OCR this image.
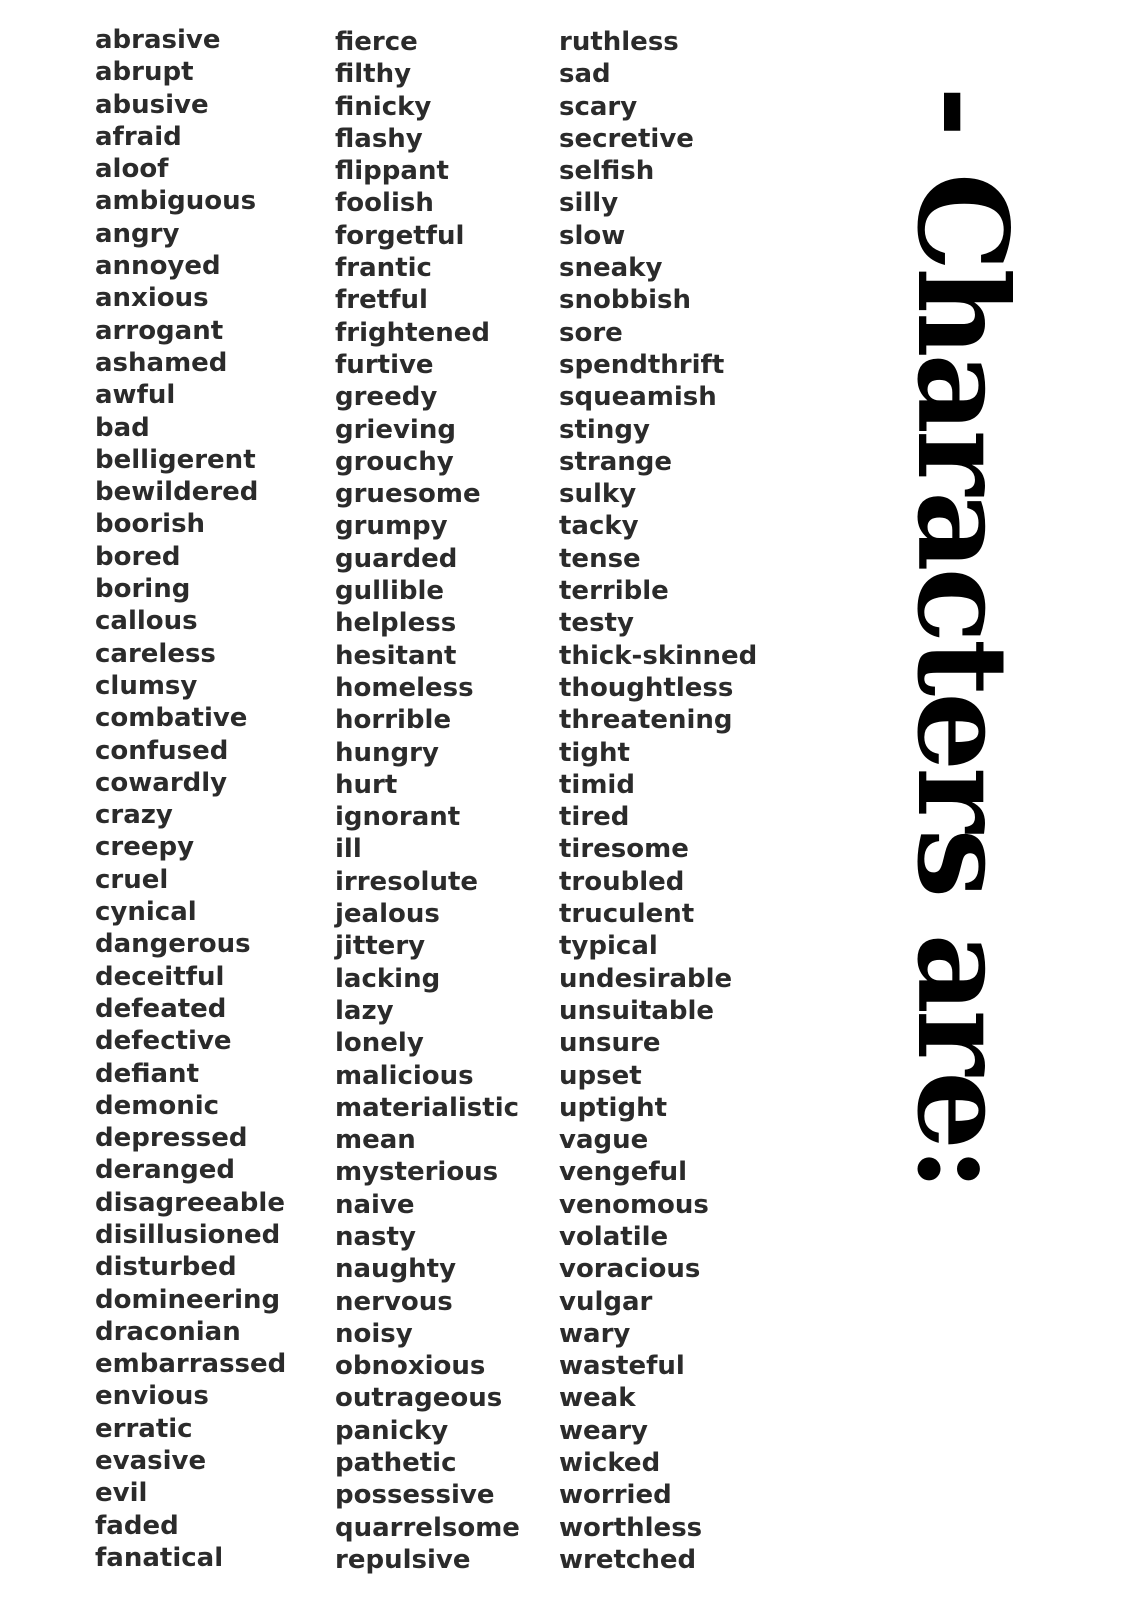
abrasive
abrupt
abusive
afraid
aloof
ambiguous
angry
annoyed
anxious
arrogant
ashamed
awful
bad
belligerent
bewildered
boorish
bored
boring
callous
careless
clumsy
combative
confused
cowardly
crazy
creepy
cruel
cynical
dangerous
deceitful
defeated
defective
defiant
demonic
depressed
deranged
disagreeable
disillusioned
disturbed
domineering
draconian
embarrassed
envious
erratic
evasive
evil
faded
fanatical
fierce
filthy
finicky
flashy
flippant
foolish
forgetful
frantic
fretful
frightened
furtive
greedy
grieving
grouchy
gruesome
grumpy
guarded
gullible
helpless
hesitant
homeless
horrible
hungry
hurt
ignorant
ill
irresolute
jealous
jittery
lacking
lazy
lonely
malicious
materialistic
mean
mysterious
naive
nasty
naughty
nervous
noisy
obnoxious
outrageous
panicky
pathetic
possessive
quarrelsome
repulsive
ruthless
sad
scary
secretive
selfish
silly
slow
sneaky
snobbish
sore
spendthrift
squeamish
stingy
strange
sulky
tacky
tense
terrible
testy
thick-skinned
thoughtless
threatening
tight
timid
tired
tiresome
troubled
truculent
typical
undesirable
unsuitable
unsure
upset
uptight
vague
vengeful
venomous
volatile
voracious
vulgar
wary
wasteful
weak
weary
wicked
worried
worthless
wretched
- Characters are:
